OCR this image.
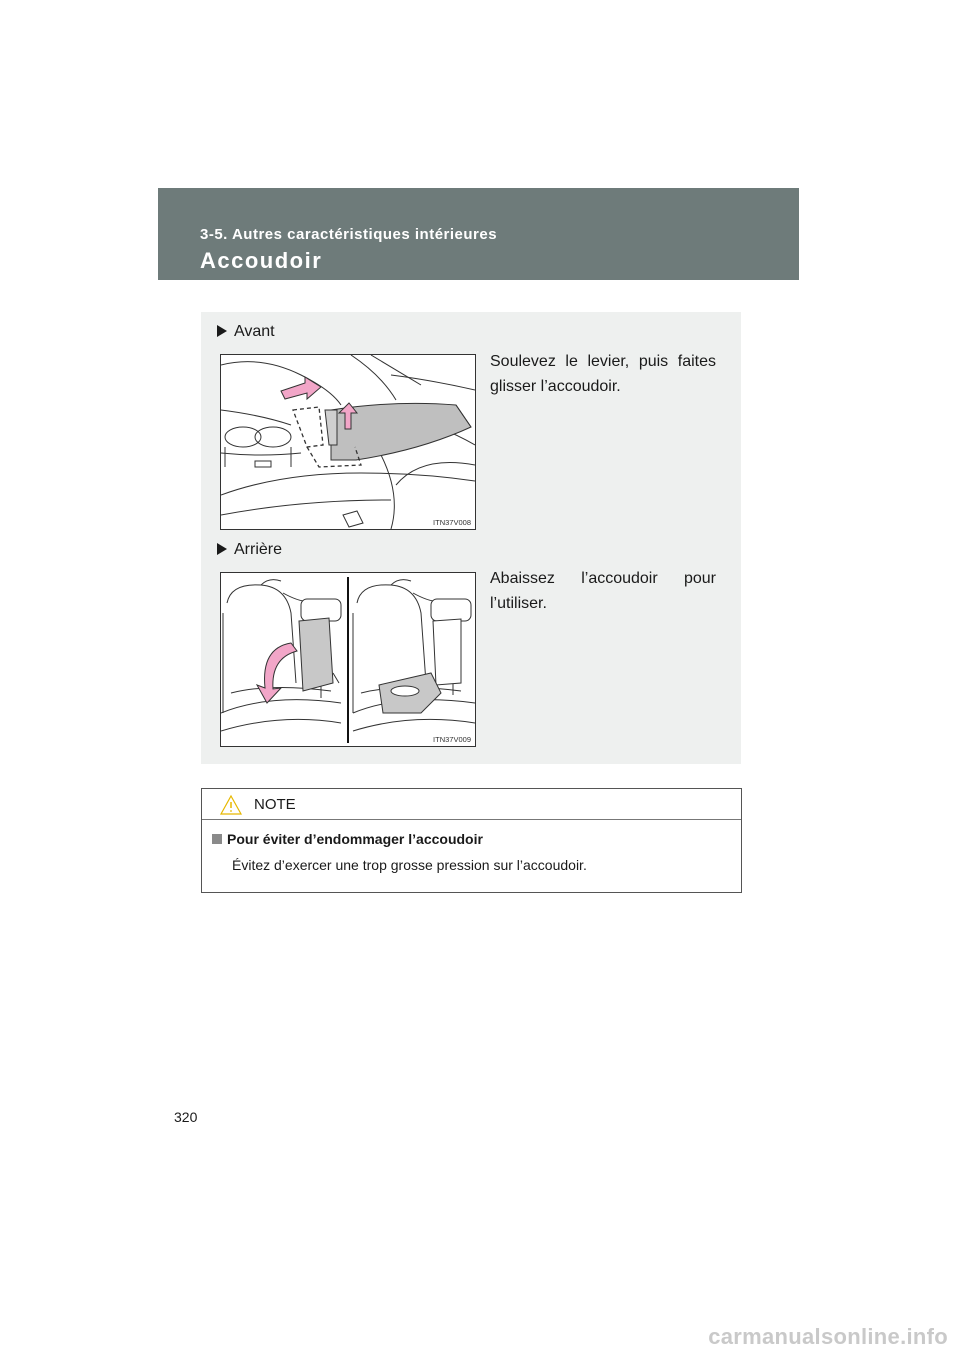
3-5. Autres caractéristiques intérieures
Accoudoir
Avant
Soulevez le levier, puis faites glisser l’accoudoir.
ITN37V008
Arrière
Abaissez l’accoudoir pour l’utiliser.
ITN37V009
NOTE
Pour éviter d’endommager l’accoudoir
Évitez d’exercer une trop grosse pression sur l’accoudoir.
320
carmanualsonline.info
